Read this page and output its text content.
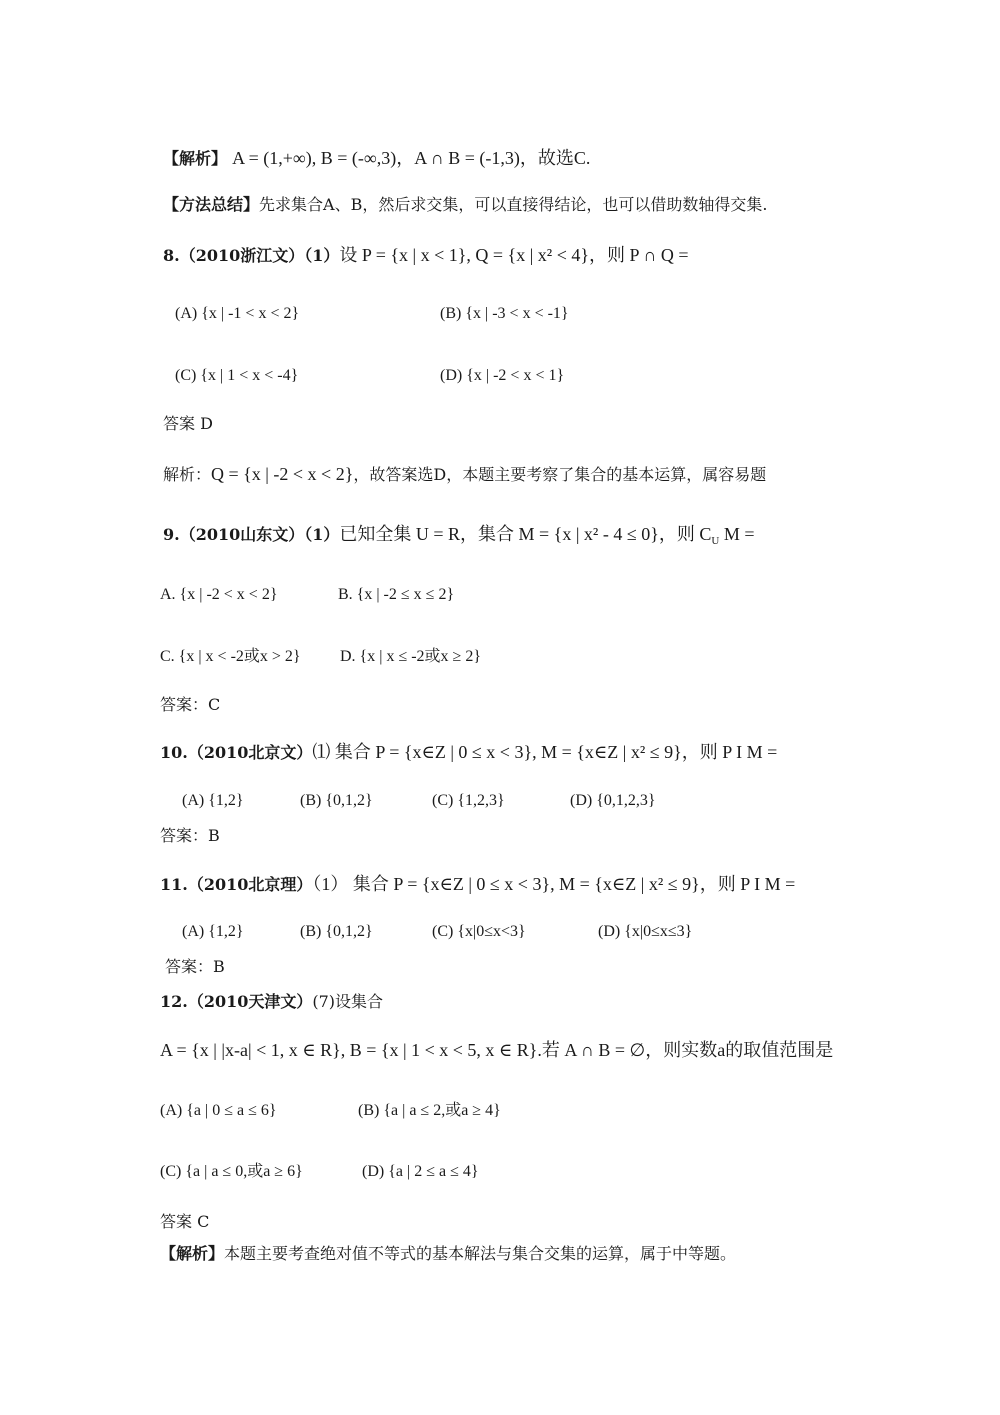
【解析】 A = (1,+∞), B = (-∞,3)，A ∩ B = (-1,3)，故选C.
【方法总结】先求集合A、B，然后求交集，可以直接得结论，也可以借助数轴得交集.
8.（2010浙江文）（1）设 P = {x | x < 1}, Q = {x | x² < 4}，则 P ∩ Q =
(A) {x | -1 < x < 2}	(B) {x | -3 < x < -1}
(C) {x | 1 < x < -4}	(D) {x | -2 < x < 1}
答案 D
解析：Q = {x | -2 < x < 2}，故答案选D，本题主要考察了集合的基本运算，属容易题
9.（2010山东文）（1）已知全集 U = R，集合 M = {x | x² - 4 ≤ 0}，则 $C_U$ M =
A. {x | -2 < x < 2}	B. {x | -2 ≤ x ≤ 2}
C. {x | x < -2或x > 2} D. {x | x ≤ -2或x ≥ 2}
答案：C
10.（2010北京文）⑴ 集合 P = {x∈Z | 0 ≤ x < 3}, M = {x∈Z | x² ≤ 9}，则 P I M =
(A) {1,2}	(B) {0,1,2}	(C) {1,2,3}	(D) {0,1,2,3}
答案：B
11.（2010北京理）（1） 集合 P = {x∈Z | 0 ≤ x < 3}, M = {x∈Z | x² ≤ 9}，则 P I M =
(A) {1,2}	(B) {0,1,2}	(C) {x|0≤x<3}	(D) {x|0≤x≤3}
答案：B
12.（2010天津文）(7)设集合
A = {x | |x-a| < 1, x ∈ R}, B = {x | 1 < x < 5, x ∈ R}.若 A ∩ B = ∅，则实数a的取值范围是
(A) {a | 0 ≤ a ≤ 6}	(B) {a | a ≤ 2,或a ≥ 4}
(C) {a | a ≤ 0,或a ≥ 6}	(D) {a | 2 ≤ a ≤ 4}
答案 C
【解析】本题主要考查绝对值不等式的基本解法与集合交集的运算，属于中等题。
